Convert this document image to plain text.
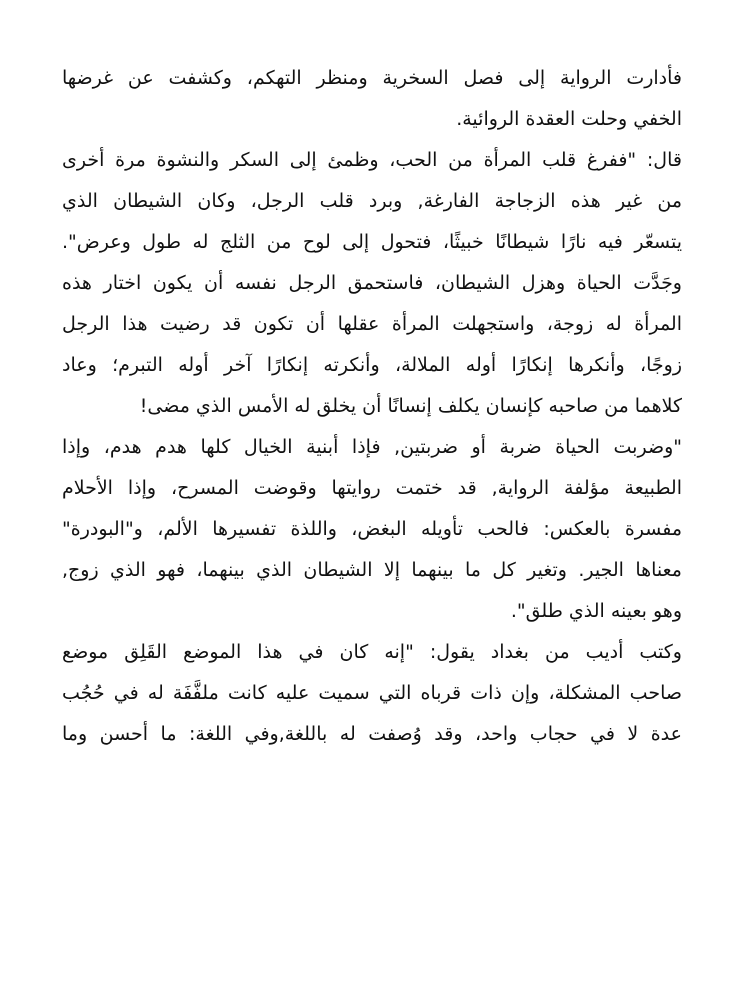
فأدارت الرواية إلى فصل السخرية ومنظر التهكم، وكشفت عن غرضها
الخفي وحلت العقدة الروائية.
قال: "ففرغ قلب المرأة من الحب، وظمئ إلى السكر والنشوة مرة أخرى
من غير هذه الزجاجة الفارغة, وبرد قلب الرجل، وكان الشيطان الذي
يتسعّر فيه نارًا شيطانًا خبيثًا، فتحول إلى لوح من الثلج له طول وعرض".
وجَدَّت الحياة وهزل الشيطان، فاستحمق الرجل نفسه أن يكون اختار هذه
المرأة له زوجة، واستجهلت المرأة عقلها أن تكون قد رضيت هذا الرجل
زوجًا، وأنكرها إنكارًا أوله الملالة، وأنكرته إنكارًا آخر أوله التبرم؛ وعاد
كلاهما من صاحبه كإنسان يكلف إنسانًا أن يخلق له الأمس الذي مضى!
"وضربت الحياة ضربة أو ضربتين, فإذا أبنية الخيال كلها هدم هدم، وإذا
الطبيعة مؤلفة الرواية, قد ختمت روايتها وقوضت المسرح، وإذا الأحلام
مفسرة بالعكس: فالحب تأويله البغض، واللذة تفسيرها الألم، و"البودرة"
معناها الجير. وتغير كل ما بينهما إلا الشيطان الذي بينهما، فهو الذي زوج,
وهو بعينه الذي طلق".
وكتب أديب من بغداد يقول: "إنه كان في هذا الموضع القَلِق موضع
صاحب المشكلة، وإن ذات قرباه التي سميت عليه كانت ملفَّفَة له في حُجُب
عدة لا في حجاب واحد، وقد وُصفت له باللغة,وفي اللغة: ما أحسن وما
